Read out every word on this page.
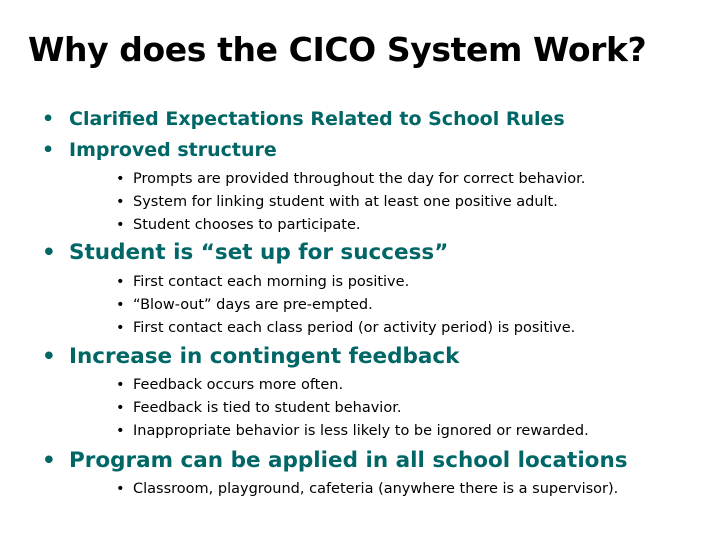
Why does the CICO System Work?
• Clarified Expectations Related to School Rules
• Improved structure
• Prompts are provided throughout the day for correct behavior.
• System for linking student with at least one positive adult.
• Student chooses to participate.
• Student is “set up for success”
• First contact each morning is positive.
• “Blow-out” days are pre-empted.
• First contact each class period (or activity period) is positive.
• Increase in contingent feedback
• Feedback occurs more often.
• Feedback is tied to student behavior.
• Inappropriate behavior is less likely to be ignored or rewarded.
• Program can be applied in all school locations
• Classroom, playground, cafeteria (anywhere there is a supervisor).
